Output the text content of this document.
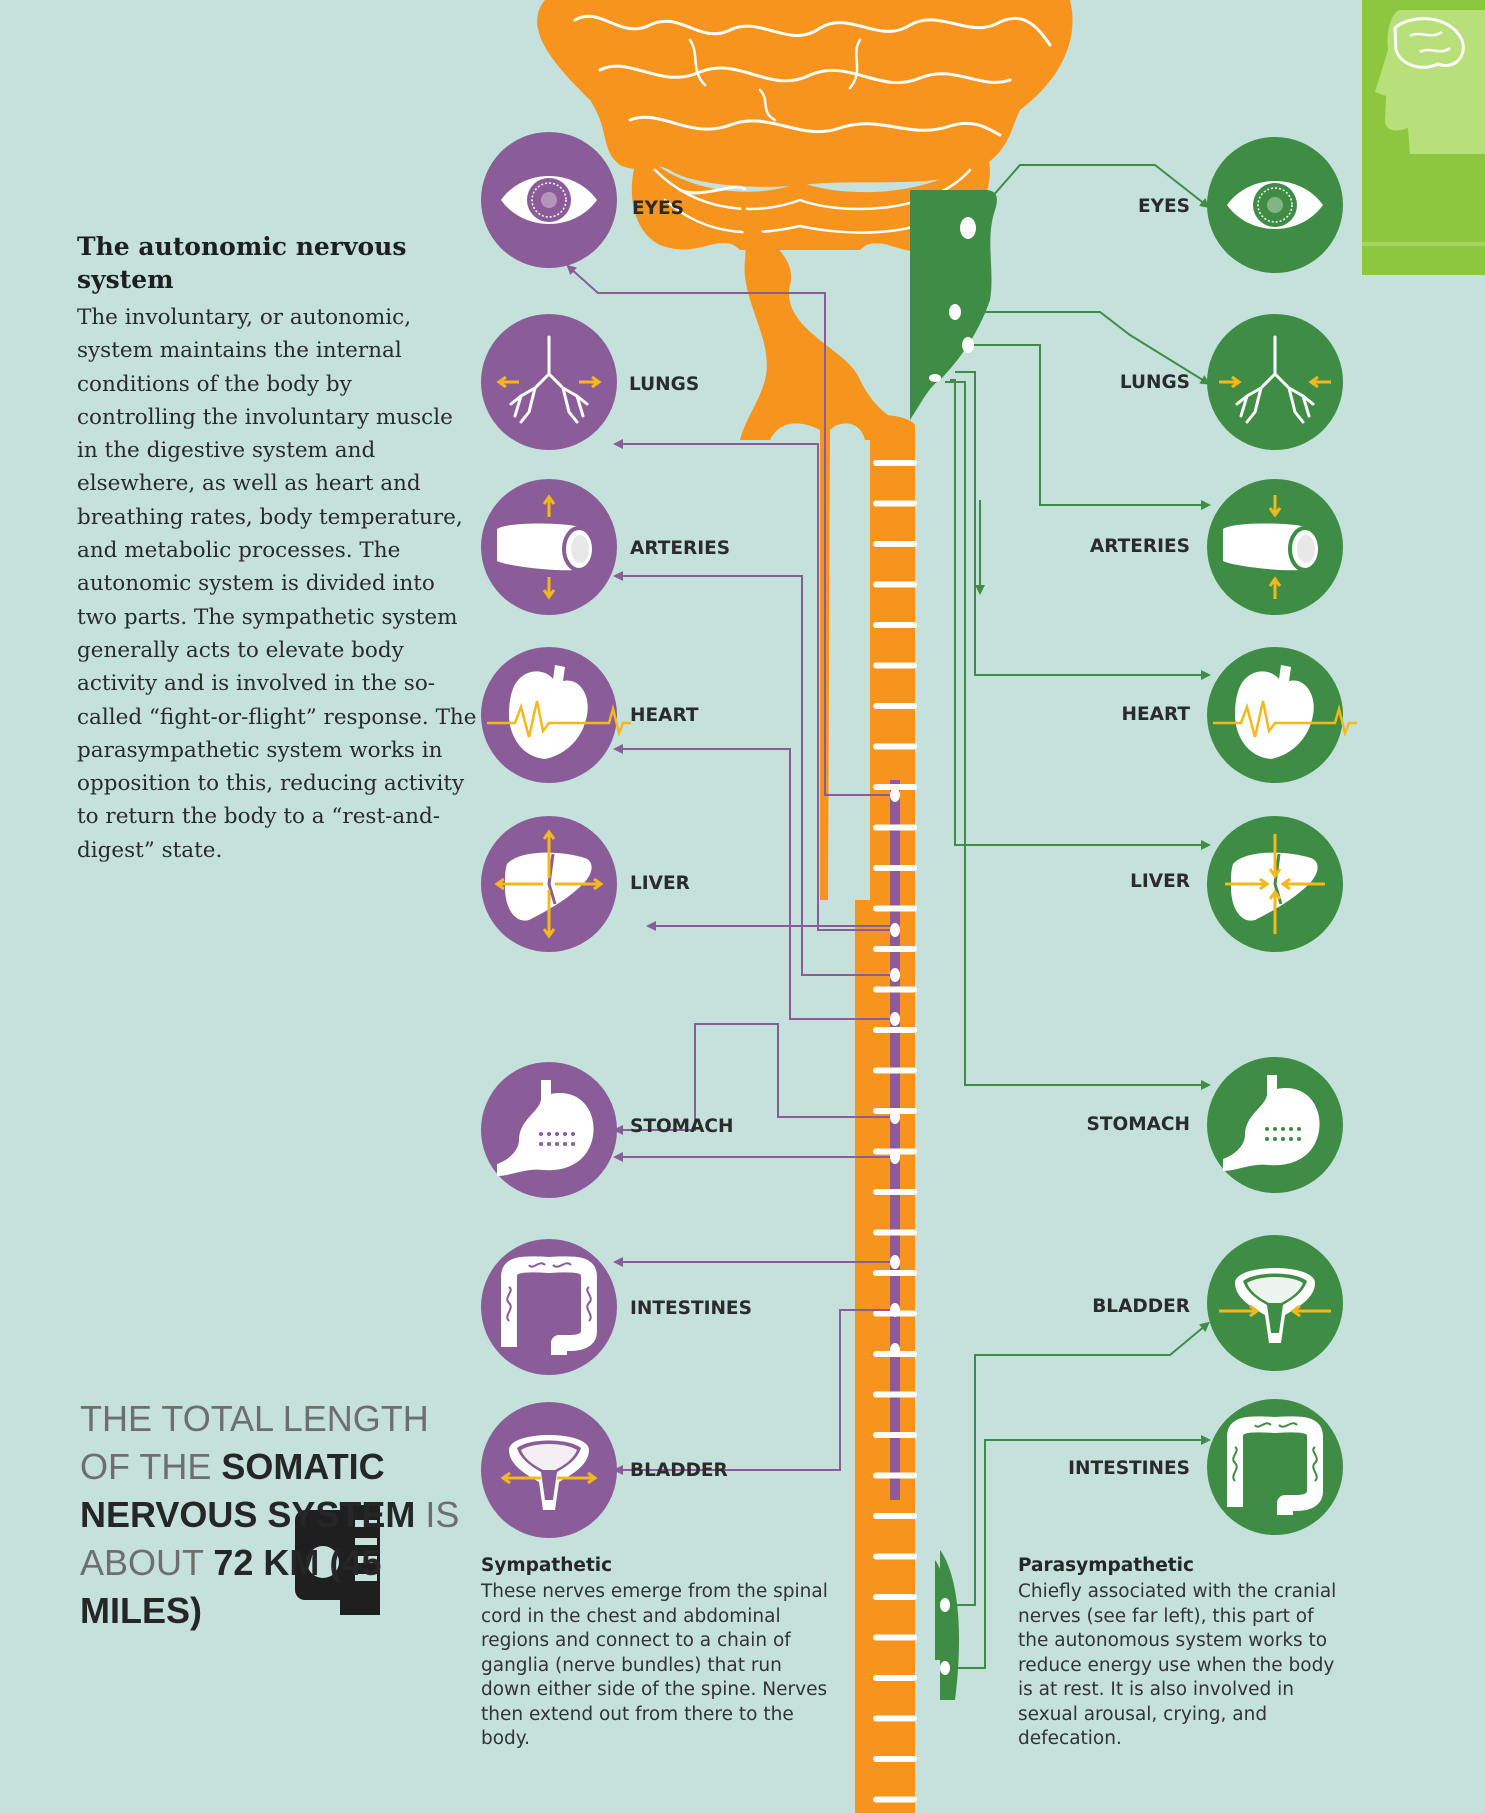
The autonomic nervous system
The involuntary, or autonomic, system maintains the internal conditions of the body by controlling the involuntary muscle in the digestive system and elsewhere, as well as heart and breathing rates, body temperature, and metabolic processes. The autonomic system is divided into two parts. The sympathetic system generally acts to elevate body activity and is involved in the so-called “fight-or-flight” response. The parasympathetic system works in opposition to this, reducing activity to return the body to a “rest-and-digest” state.
THE TOTAL LENGTH OF THE SOMATIC NERVOUS SYSTEM IS ABOUT 72 KM (45 MILES)
EYES
LUNGS
ARTERIES
HEART
LIVER
STOMACH
INTESTINES
BLADDER
EYES
LUNGS
ARTERIES
HEART
LIVER
STOMACH
BLADDER
INTESTINES
Sympathetic
These nerves emerge from the spinal cord in the chest and abdominal regions and connect to a chain of ganglia (nerve bundles) that run down either side of the spine. Nerves then extend out from there to the body.
Parasympathetic
Chiefly associated with the cranial nerves (see far left), this part of the autonomous system works to reduce energy use when the body is at rest. It is also involved in sexual arousal, crying, and defecation.
